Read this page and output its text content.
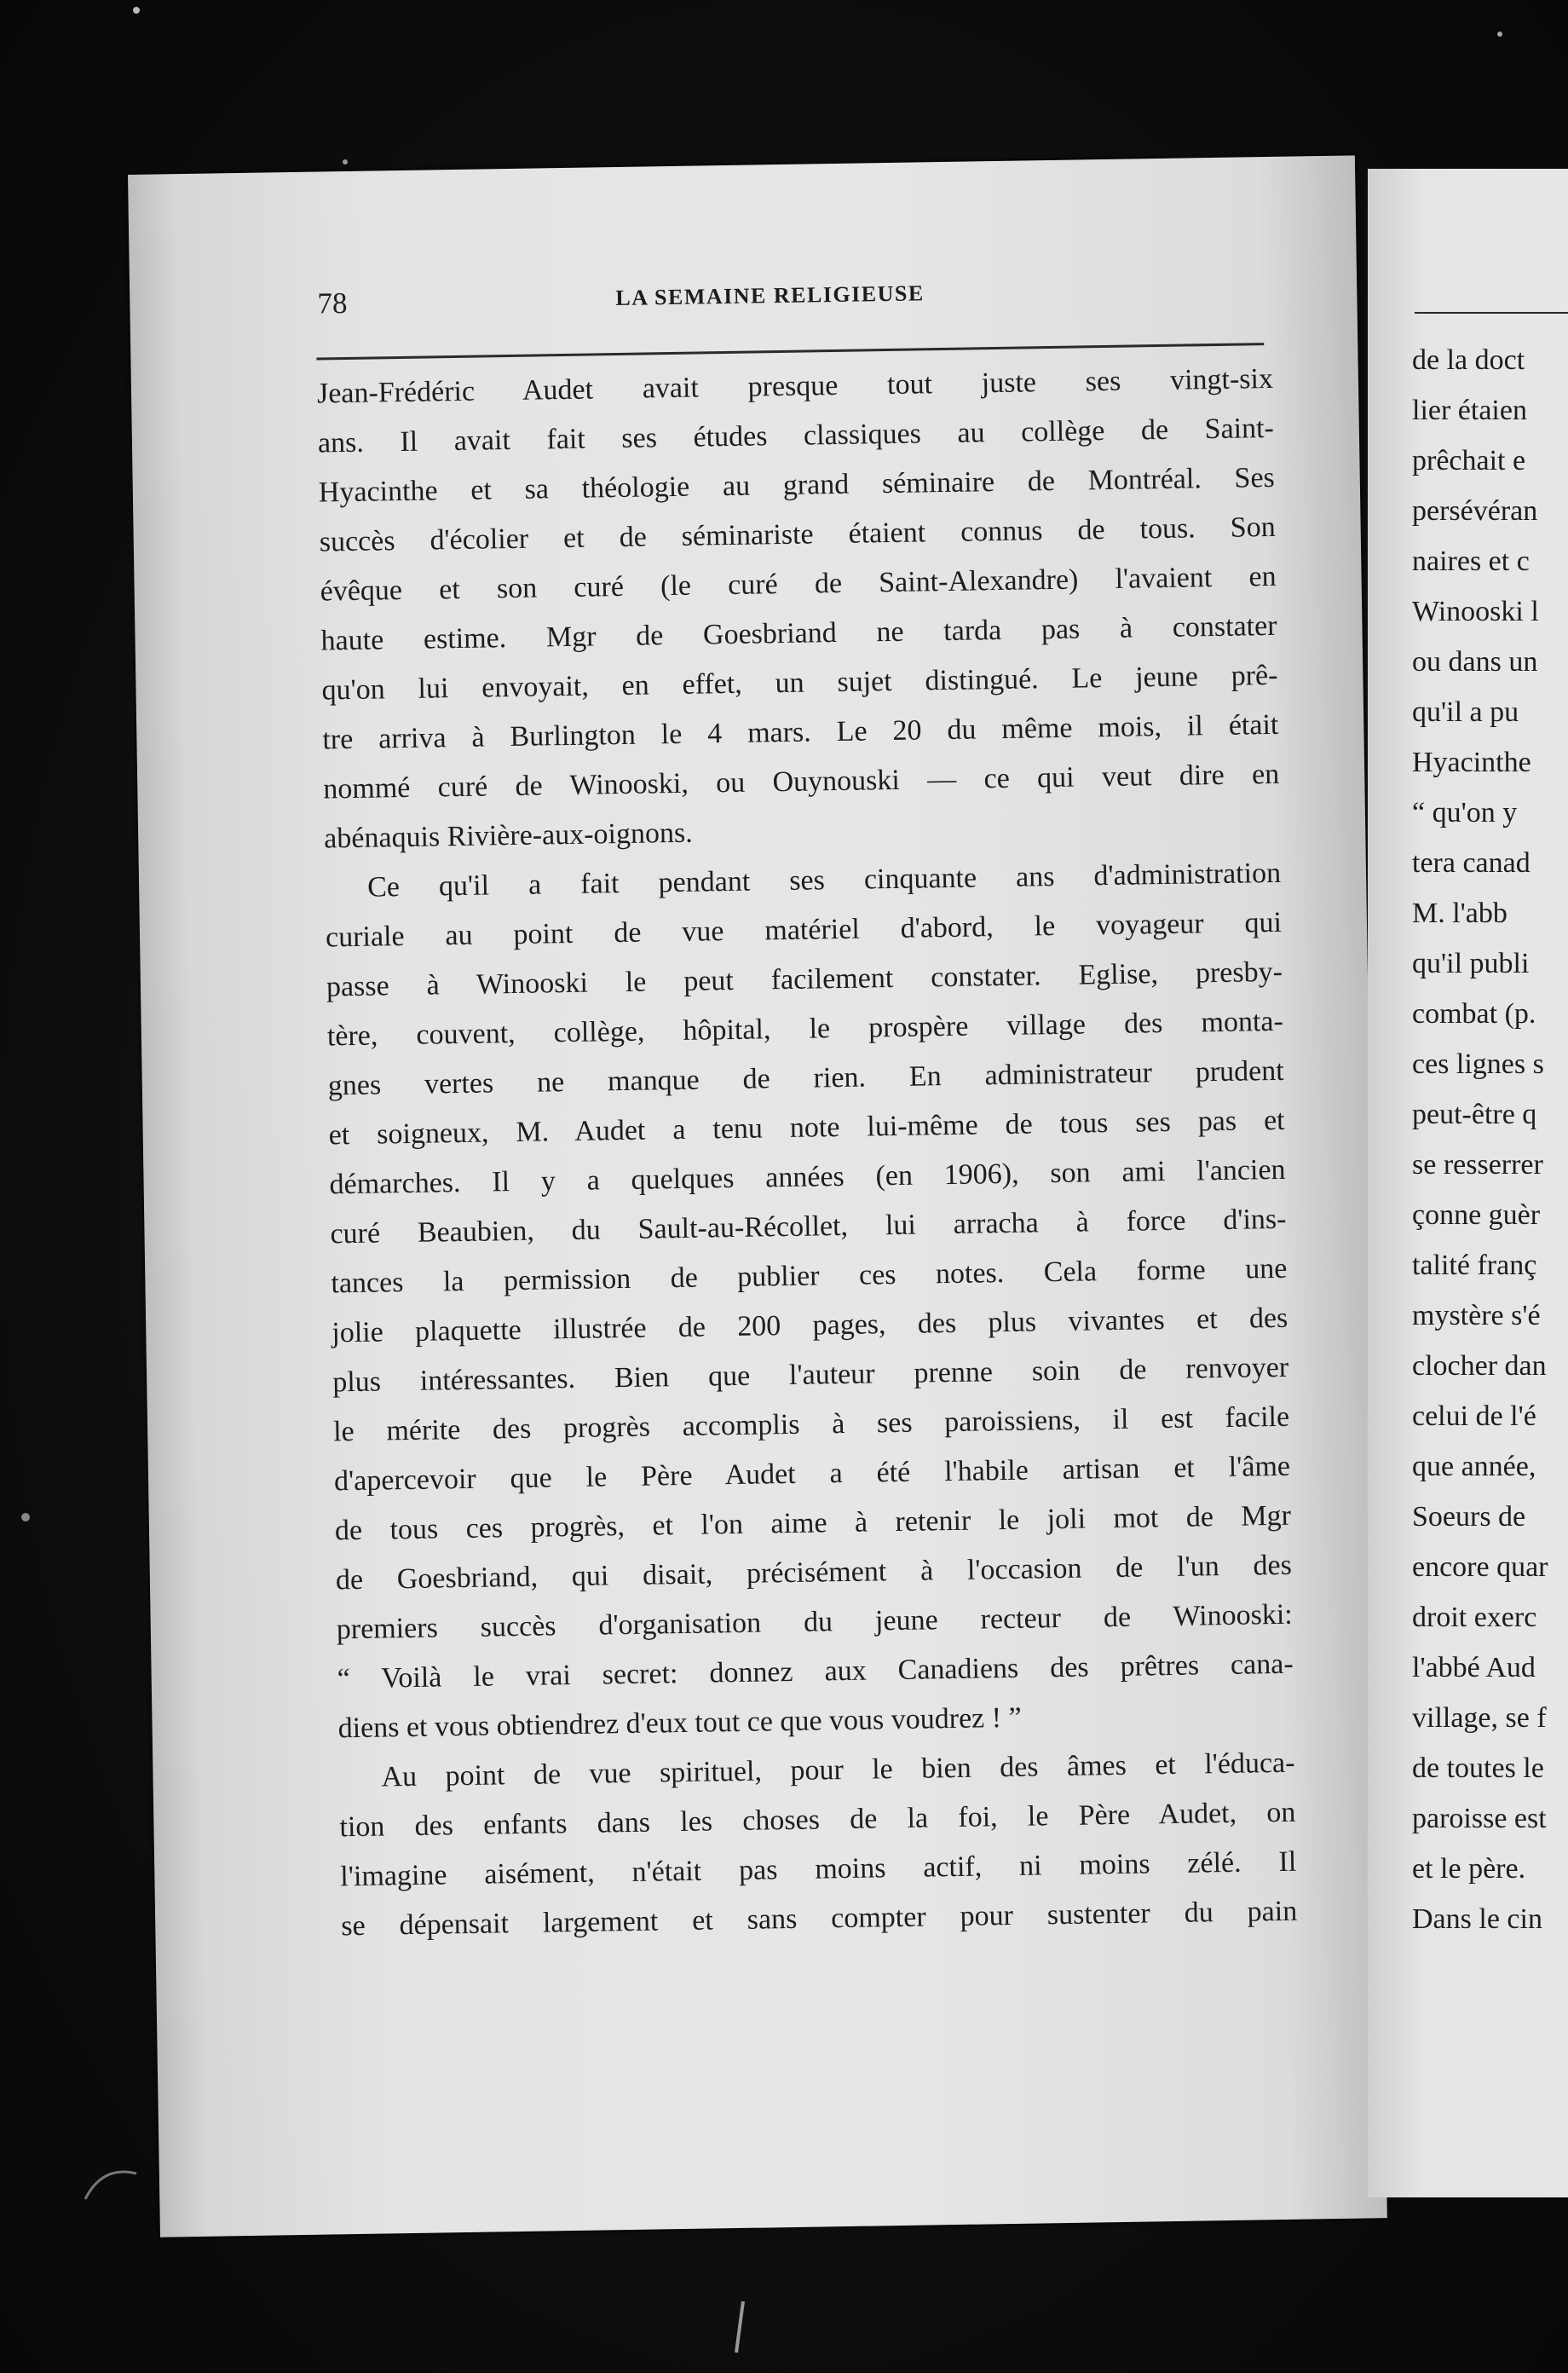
78	LA SEMAINE RELIGIEUSE
Jean-Frédéric Audet avait presque tout juste ses vingt-six
ans. Il avait fait ses études classiques au collège de Saint-
Hyacinthe et sa théologie au grand séminaire de Montréal. Ses
succès d'écolier et de séminariste étaient connus de tous. Son
évêque et son curé (le curé de Saint-Alexandre) l'avaient en
haute estime. Mgr de Goesbriand ne tarda pas à constater
qu'on lui envoyait, en effet, un sujet distingué. Le jeune prê-
tre arriva à Burlington le 4 mars. Le 20 du même mois, il était
nommé curé de Winooski, ou Ouynouski — ce qui veut dire en
abénaquis Rivière-aux-oignons.
Ce qu'il a fait pendant ses cinquante ans d'administration
curiale au point de vue matériel d'abord, le voyageur qui
passe à Winooski le peut facilement constater. Eglise, presby-
tère, couvent, collège, hôpital, le prospère village des monta-
gnes vertes ne manque de rien. En administrateur prudent
et soigneux, M. Audet a tenu note lui-même de tous ses pas et
démarches. Il y a quelques années (en 1906), son ami l'ancien
curé Beaubien, du Sault-au-Récollet, lui arracha à force d'ins-
tances la permission de publier ces notes. Cela forme une
jolie plaquette illustrée de 200 pages, des plus vivantes et des
plus intéressantes. Bien que l'auteur prenne soin de renvoyer
le mérite des progrès accomplis à ses paroissiens, il est facile
d'apercevoir que le Père Audet a été l'habile artisan et l'âme
de tous ces progrès, et l'on aime à retenir le joli mot de Mgr
de Goesbriand, qui disait, précisément à l'occasion de l'un des
premiers succès d'organisation du jeune recteur de Winooski:
“ Voilà le vrai secret: donnez aux Canadiens des prêtres cana-
diens et vous obtiendrez d'eux tout ce que vous voudrez ! ”
Au point de vue spirituel, pour le bien des âmes et l'éduca-
tion des enfants dans les choses de la foi, le Père Audet, on
l'imagine aisément, n'était pas moins actif, ni moins zélé. Il
se dépensait largement et sans compter pour sustenter du pain
de la doct
lier étaien
prêchait e
persévéran
naires et c
Winooski l
ou dans un
qu'il a pu
Hyacinthe
“ qu'on y
tera canad
M. l'abb
qu'il publi
combat (p.
ces lignes s
peut-être q
se resserrer
çonne guèr
talité franç
mystère s'é
clocher dan
celui de l'é
que année,
Soeurs de
encore quar
droit exerc
l'abbé Aud
village, se f
de toutes le
paroisse est
et le père.
Dans le cin
